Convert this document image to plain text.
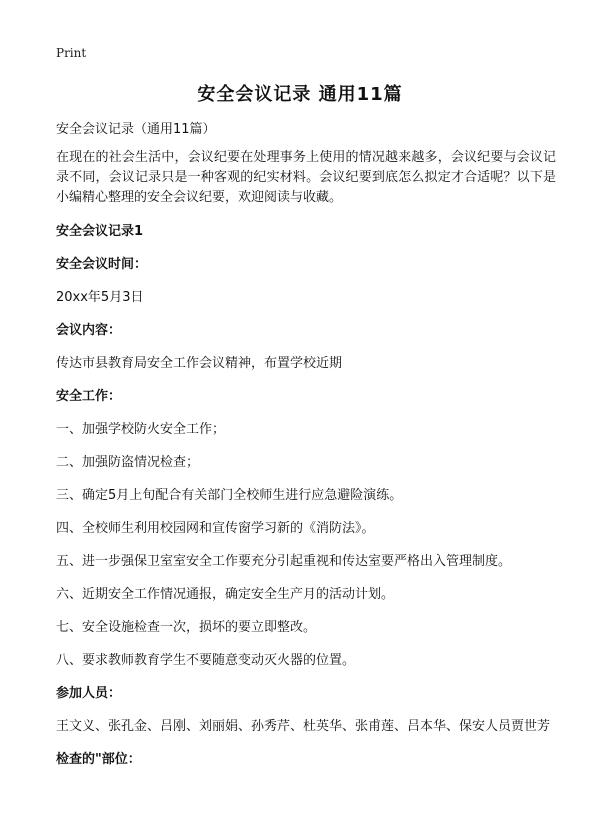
Print
安全会议记录 通用11篇

安全会议记录（通用11篇）

在现在的社会生活中，会议纪要在处理事务上使用的情况越来越多，会议纪要与会议记录不同，会议记录只是一种客观的纪实材料。会议纪要到底怎么拟定才合适呢？以下是小编精心整理的安全会议纪要，欢迎阅读与收藏。

安全会议记录1

安全会议时间：

20xx年5月3日

会议内容：

传达市县教育局安全工作会议精神，布置学校近期

安全工作：

一、加强学校防火安全工作；

二、加强防盗情况检查；

三、确定5月上旬配合有关部门全校师生进行应急避险演练。

四、全校师生利用校园网和宣传窗学习新的《消防法》。

五、进一步强保卫室室安全工作要充分引起重视和传达室要严格出入管理制度。

六、近期安全工作情况通报，确定安全生产月的活动计划。

七、安全设施检查一次，损坏的要立即整改。

八、要求教师教育学生不要随意变动灭火器的位置。

参加人员：

王文义、张孔金、吕刚、刘丽娟、孙秀芹、杜英华、张甫莲、吕本华、保安人员贾世芳

检查的"部位：
